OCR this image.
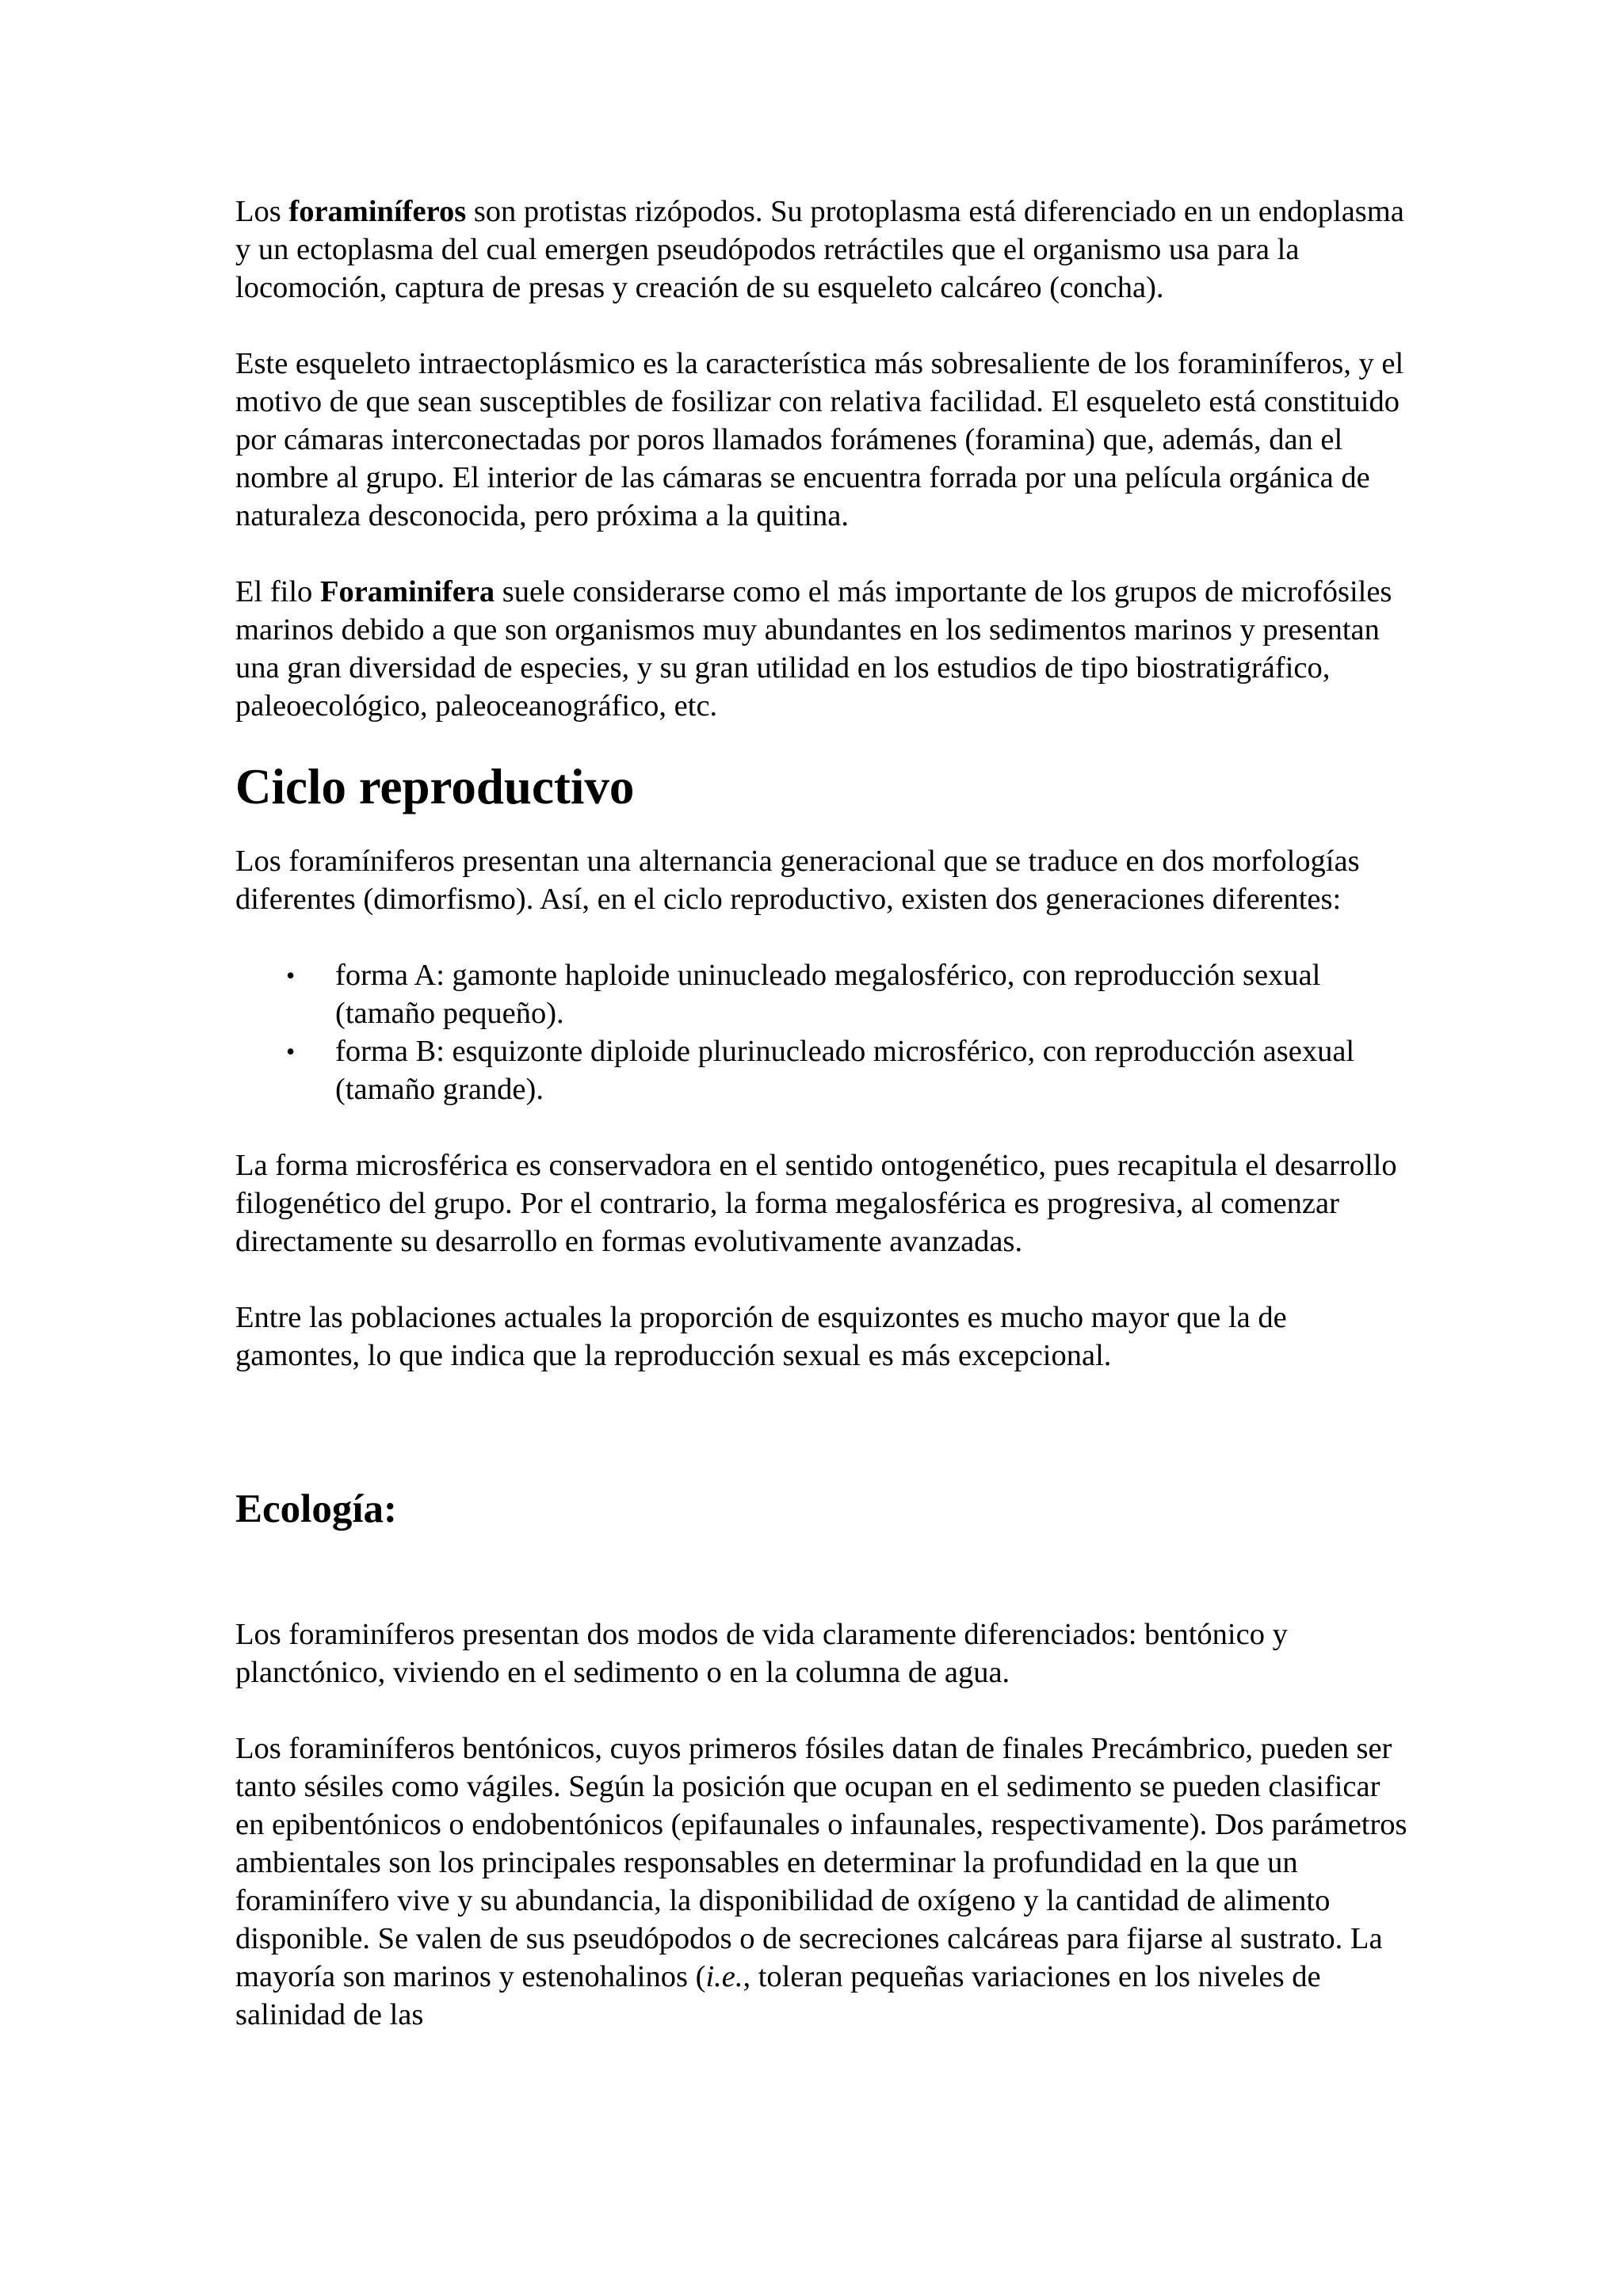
Los foraminíferos son protistas rizópodos. Su protoplasma está diferenciado en un endoplasma y un ectoplasma del cual emergen pseudópodos retráctiles que el organismo usa para la locomoción, captura de presas y creación de su esqueleto calcáreo (concha).

Este esqueleto intraectoplásmico es la característica más sobresaliente de los foraminíferos, y el motivo de que sean susceptibles de fosilizar con relativa facilidad. El esqueleto está constituido por cámaras interconectadas por poros llamados forámenes (foramina) que, además, dan el nombre al grupo. El interior de las cámaras se encuentra forrada por una película orgánica de naturaleza desconocida, pero próxima a la quitina.

El filo Foraminifera suele considerarse como el más importante de los grupos de microfósiles marinos debido a que son organismos muy abundantes en los sedimentos marinos y presentan una gran diversidad de especies, y su gran utilidad en los estudios de tipo biostratigráfico, paleoecológico, paleoceanográfico, etc.

Ciclo reproductivo

Los foramíniferos presentan una alternancia generacional que se traduce en dos morfologías diferentes (dimorfismo). Así, en el ciclo reproductivo, existen dos generaciones diferentes:

• forma A: gamonte haploide uninucleado megalosférico, con reproducción sexual (tamaño pequeño).
• forma B: esquizonte diploide plurinucleado microsférico, con reproducción asexual (tamaño grande).

La forma microsférica es conservadora en el sentido ontogenético, pues recapitula el desarrollo filogenético del grupo. Por el contrario, la forma megalosférica es progresiva, al comenzar directamente su desarrollo en formas evolutivamente avanzadas.

Entre las poblaciones actuales la proporción de esquizontes es mucho mayor que la de gamontes, lo que indica que la reproducción sexual es más excepcional.

Ecología:

Los foraminíferos presentan dos modos de vida claramente diferenciados: bentónico y planctónico, viviendo en el sedimento o en la columna de agua.

Los foraminíferos bentónicos, cuyos primeros fósiles datan de finales Precámbrico, pueden ser tanto sésiles como vágiles. Según la posición que ocupan en el sedimento se pueden clasificar en epibentónicos o endobentónicos (epifaunales o infaunales, respectivamente). Dos parámetros ambientales son los principales responsables en determinar la profundidad en la que un foraminífero vive y su abundancia, la disponibilidad de oxígeno y la cantidad de alimento disponible. Se valen de sus pseudópodos o de secreciones calcáreas para fijarse al sustrato. La mayoría son marinos y estenohalinos (i.e., toleran pequeñas variaciones en los niveles de salinidad de las
